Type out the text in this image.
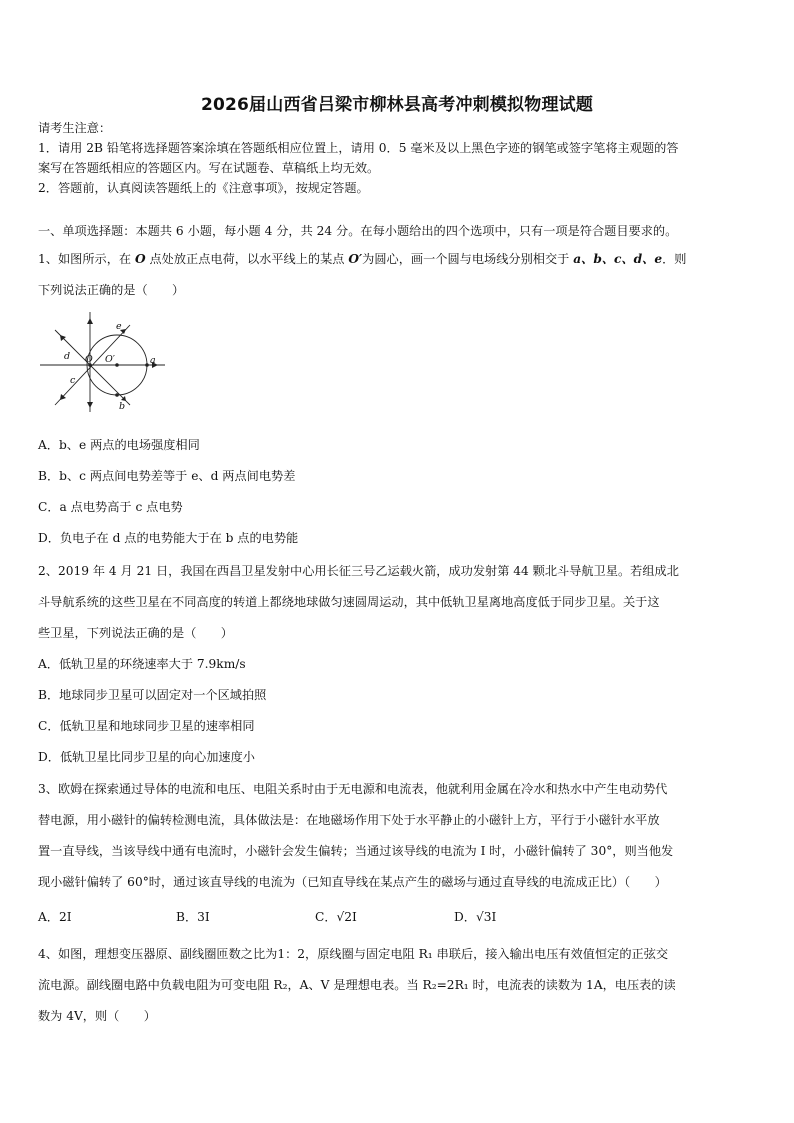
2026届山西省吕梁市柳林县高考冲刺模拟物理试题
请考生注意：
1．请用 2B 铅笔将选择题答案涂填在答题纸相应位置上，请用 0．5 毫米及以上黑色字迹的钢笔或签字笔将主观题的答
案写在答题纸相应的答题区内。写在试题卷、草稿纸上均无效。
2．答题前，认真阅读答题纸上的《注意事项》，按规定答题。
一、单项选择题：本题共 6 小题，每小题 4 分，共 24 分。在每小题给出的四个选项中，只有一项是符合题目要求的。
1、如图所示，在 O 点处放正点电荷，以水平线上的某点 O′为圆心，画一个圆与电场线分别相交于 a、b、c、d、e．则
下列说法正确的是（　　）
e
d O O′	a
c
b
A．b、e 两点的电场强度相同
B．b、c 两点间电势差等于 e、d 两点间电势差
C．a 点电势高于 c 点电势
D．负电子在 d 点的电势能大于在 b 点的电势能
2、2019 年 4 月 21 日，我国在西昌卫星发射中心用长征三号乙运载火箭，成功发射第 44 颗北斗导航卫星。若组成北
斗导航系统的这些卫星在不同高度的转道上都绕地球做匀速圆周运动，其中低轨卫星离地高度低于同步卫星。关于这
些卫星，下列说法正确的是（　　）
A．低轨卫星的环绕速率大于 7.9km/s
B．地球同步卫星可以固定对一个区域拍照
C．低轨卫星和地球同步卫星的速率相同
D．低轨卫星比同步卫星的向心加速度小
3、欧姆在探索通过导体的电流和电压、电阻关系时由于无电源和电流表，他就利用金属在冷水和热水中产生电动势代
替电源，用小磁针的偏转检测电流，具体做法是：在地磁场作用下处于水平静止的小磁针上方，平行于小磁针水平放
置一直导线，当该导线中通有电流时，小磁针会发生偏转；当通过该导线的电流为 I 时，小磁针偏转了 30°，则当他发
现小磁针偏转了 60°时，通过该直导线的电流为（已知直导线在某点产生的磁场与通过直导线的电流成正比）（　　）
A．2I	B．3I	C．√2I	D．√3I
4、如图，理想变压器原、副线圈匝数之比为1：2，原线圈与固定电阻 R₁ 串联后，接入输出电压有效值恒定的正弦交
流电源。副线圈电路中负载电阻为可变电阻 R₂，A、V 是理想电表。当 R₂=2R₁ 时，电流表的读数为 1A，电压表的读
数为 4V，则（　　）
